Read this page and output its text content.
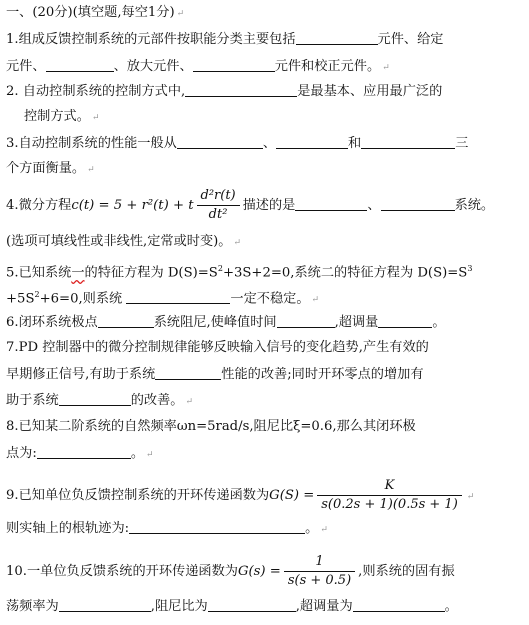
一、(20分)(填空题,每空1分) ↵
1.组成反馈控制系统的元部件按职能分类主要包括	元件、给定
元件、	、放大元件、	元件和校正元件。 ↵
2. 自动控制系统的控制方式中,	是最基本、应用最广泛的
控制方式。 ↵
3.自动控制系统的性能一般从	、	和	三
个方面衡量。 ↵
4.微分方程c(t) = 5 + r²(t) + t $\frac{\text{d²r(t)}}{\text{dt²}}$ 描述的是	、	系统。
(选项可填线性或非线性,定常或时变)。 ↵
5.已知系统一的特征方程为 $D(S)=S^2+3S+2=0$,系统二的特征方程为 $D(S)=S^3$
$+5S^2+6=0$,则系统	一定不稳定。 ↵
6.闭环系统极点	系统阻尼,使峰值时间	,超调量	。
7.PD 控制器中的微分控制规律能够反映输入信号的变化趋势,产生有效的
早期修正信号,有助于系统	性能的改善;同时开环零点的增加有
助于系统	的改善。 ↵
8.已知某二阶系统的自然频率ωn=5rad/s,阻尼比ξ=0.6,那么其闭环极
点为:	。 ↵
9.已知单位负反馈控制系统的开环传递函数为$G(S) = \frac{K}{s(0.2s + 1)(0.5s + 1)}$ ↵
则实轴上的根轨迹为:	。 ↵
10.一单位负反馈系统的开环传递函数为$G(s) = \frac{1}{s(s + 0.5)}$ ,则系统的固有振
荡频率为	,阻尼比为	,超调量为	。
